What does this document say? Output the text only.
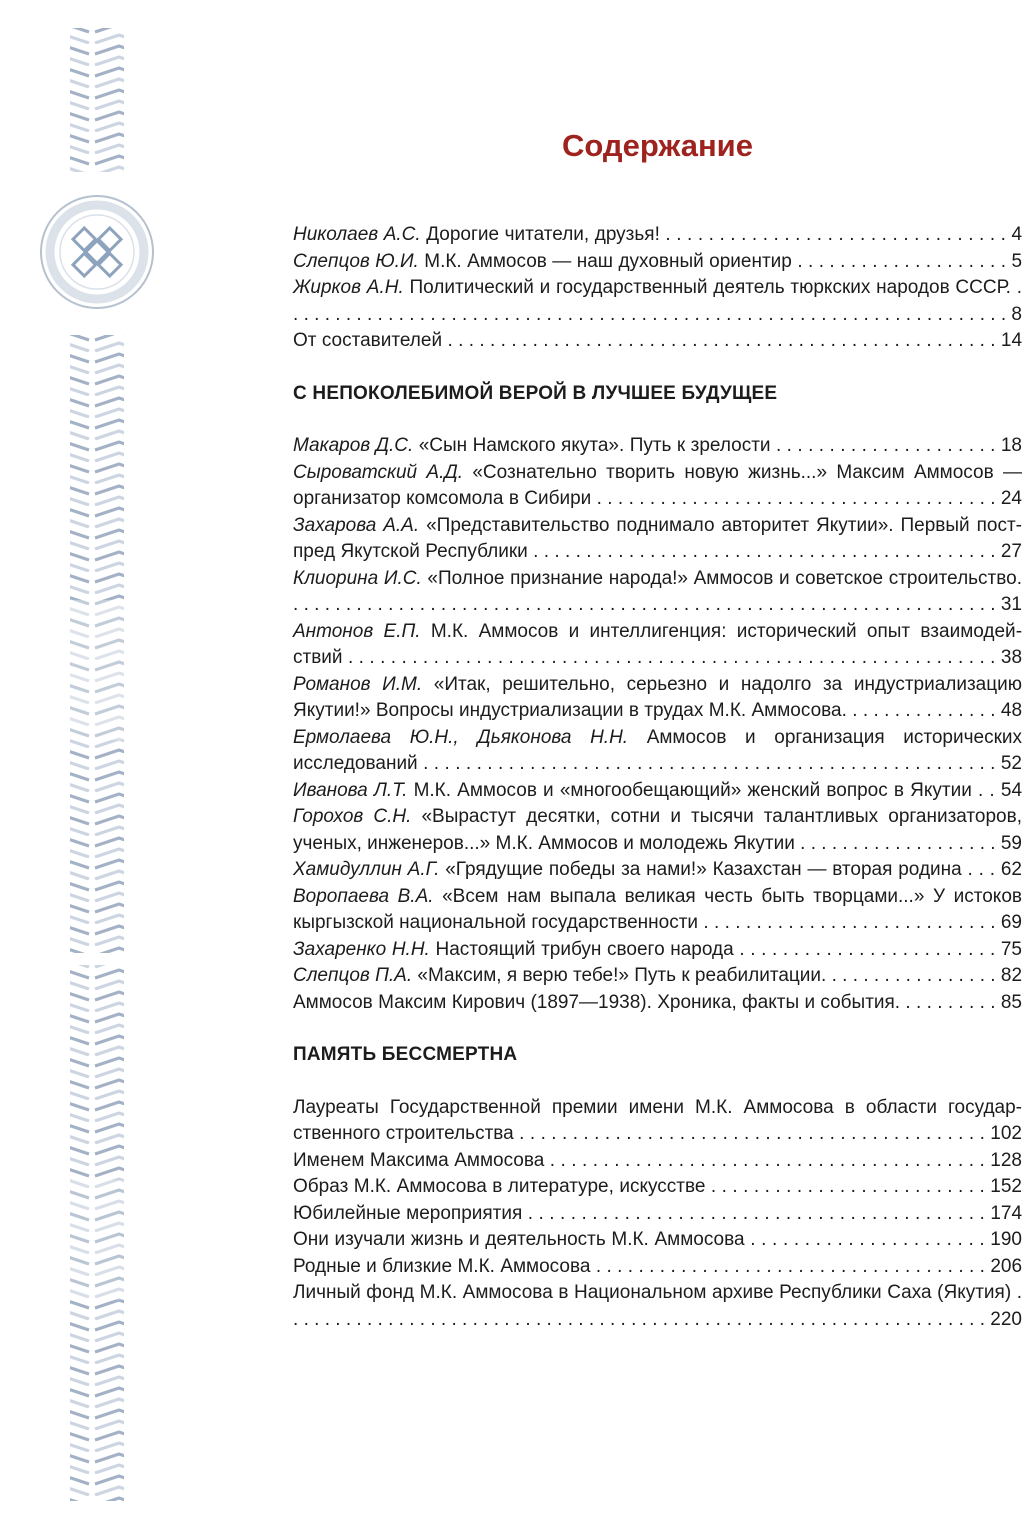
Содержание

Николаев А.С. Дорогие читатели, друзья! . . . . . . . . . . . . . . . . . . . . . . . . . . . . . . . . 4

Слепцов Ю.И. М.К. Аммосов — наш духовный ориентир . . . . . . . . . . . . . . . . . . . . 5

Жирков А.Н. Политический и государственный деятель тюркских народов СССР. . . . . . . . . . . . . . . . . . . . . . . . . . . . . . . . . . . . . . . . . . . . . . . . . . . . . . . . . . . . . . . . . . . . . . 8

От составителей . . . . . . . . . . . . . . . . . . . . . . . . . . . . . . . . . . . . . . . . . . . . . . . . . . . . 14

С НЕПОКОЛЕБИМОЙ ВЕРОЙ В ЛУЧШЕЕ БУДУЩЕЕ

Макаров Д.С. «Сын Намского якута». Путь к зрелости . . . . . . . . . . . . . . . . . . . . . 18

Сыроватский А.Д. «Сознательно творить новую жизнь...» Максим Аммосов — организатор комсомола в Сибири . . . . . . . . . . . . . . . . . . . . . . . . . . . . . . . . . . . . . . 24

Захарова А.А. «Представительство поднимало авторитет Якутии». Первый постпред Якутской Республики . . . . . . . . . . . . . . . . . . . . . . . . . . . . . . . . . . . . . . . . . . . . 27

Клиорина И.С. «Полное признание народа!» Аммосов и советское строительство. . . . . . . . . . . . . . . . . . . . . . . . . . . . . . . . . . . . . . . . . . . . . . . . . . . . . . . . . . . . . . . . . . . . 31

Антонов Е.П. М.К. Аммосов и интеллигенция: исторический опыт взаимодействий . . . . . . . . . . . . . . . . . . . . . . . . . . . . . . . . . . . . . . . . . . . . . . . . . . . . . . . . . . . . . 38

Романов И.М. «Итак, решительно, серьезно и надолго за индустриализацию Якутии!» Вопросы индустриализации в трудах М.К. Аммосова. . . . . . . . . . . . . . . 48

Ермолаева Ю.Н., Дьяконова Н.Н. Аммосов и организация исторических исследований . . . . . . . . . . . . . . . . . . . . . . . . . . . . . . . . . . . . . . . . . . . . . . . . . . . . . . 52

Иванова Л.Т. М.К. Аммосов и «многообещающий» женский вопрос в Якутии . . 54

Горохов С.Н. «Вырастут десятки, сотни и тысячи талантливых организаторов, ученых, инженеров...» М.К. Аммосов и молодежь Якутии . . . . . . . . . . . . . . . . . . . 59

Хамидуллин А.Г. «Грядущие победы за нами!» Казахстан — вторая родина . . . 62

Воропаева В.А. «Всем нам выпала великая честь быть творцами...» У истоков кыргызской национальной государственности . . . . . . . . . . . . . . . . . . . . . . . . . . . . 69

Захаренко Н.Н. Настоящий трибун своего народа . . . . . . . . . . . . . . . . . . . . . . . . 75

Слепцов П.А. «Максим, я верю тебе!» Путь к реабилитации. . . . . . . . . . . . . . . . . 82

Аммосов Максим Кирович (1897—1938). Хроника, факты и события. . . . . . . . . . 85

ПАМЯТЬ БЕССМЕРТНА

Лауреаты Государственной премии имени М.К. Аммосова в области государственного строительства . . . . . . . . . . . . . . . . . . . . . . . . . . . . . . . . . . . . . . . . . . . . 102

Именем Максима Аммосова . . . . . . . . . . . . . . . . . . . . . . . . . . . . . . . . . . . . . . . . . 128

Образ М.К. Аммосова в литературе, искусстве . . . . . . . . . . . . . . . . . . . . . . . . . . 152

Юбилейные мероприятия . . . . . . . . . . . . . . . . . . . . . . . . . . . . . . . . . . . . . . . . . . . 174

Они изучали жизнь и деятельность М.К. Аммосова . . . . . . . . . . . . . . . . . . . . . . 190

Родные и близкие М.К. Аммосова . . . . . . . . . . . . . . . . . . . . . . . . . . . . . . . . . . . . . 206

Личный фонд М.К. Аммосова в Национальном архиве Республики Саха (Якутия) . . . . . . . . . . . . . . . . . . . . . . . . . . . . . . . . . . . . . . . . . . . . . . . . . . . . . . . . . . . . . . . . . . . 220
